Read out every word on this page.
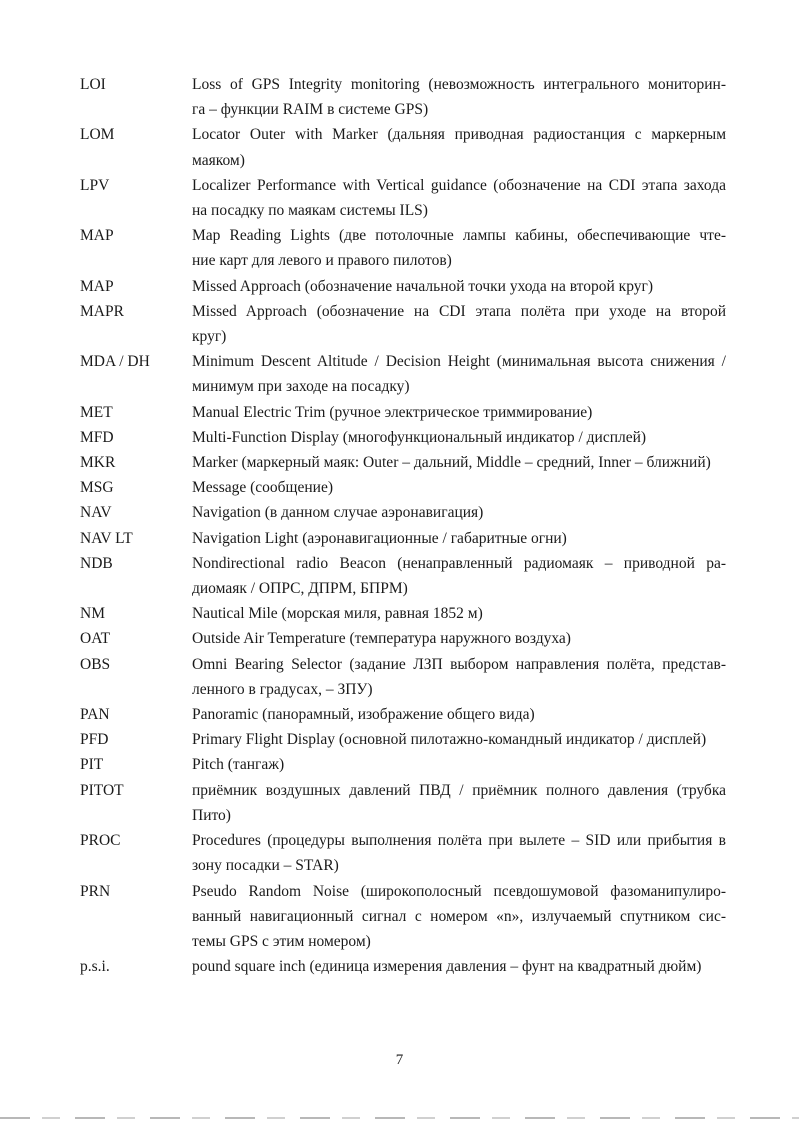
LOI	Loss of GPS Integrity monitoring (невозможность интегрального мониторин-
га – функции RAIM в системе GPS)
LOM	Locator Outer with Marker (дальняя приводная радиостанция с маркерным
маяком)
LPV	Localizer Performance with Vertical guidance (обозначение на CDI этапа захода
на посадку по маякам системы ILS)
MAP	Map Reading Lights (две потолочные лампы кабины, обеспечивающие чте-
ние карт для левого и правого пилотов)
MAP	Missed Approach (обозначение начальной точки ухода на второй круг)
MAPR	Missed Approach (обозначение на CDI этапа полёта при уходе на второй
круг)
MDA / DH	Minimum Descent Altitude / Decision Height (минимальная высота снижения /
минимум при заходе на посадку)
MET	Manual Electric Trim (ручное электрическое триммирование)
MFD	Multi-Function Display (многофункциональный индикатор / дисплей)
MKR	Marker (маркерный маяк: Outer – дальний, Middle – средний, Inner – ближний)
MSG	Message (сообщение)
NAV	Navigation (в данном случае аэронавигация)
NAV LT	Navigation Light (аэронавигационные / габаритные огни)
NDB	Nondirectional radio Beacon (ненаправленный радиомаяк – приводной ра-
диомаяк / ОПРС, ДПРМ, БПРМ)
NM	Nautical Mile (морская миля, равная 1852 м)
OAT	Outside Air Temperature (температура наружного воздуха)
OBS	Omni Bearing Selector (задание ЛЗП выбором направления полёта, представ-
ленного в градусах, – ЗПУ)
PAN	Panoramic (панорамный, изображение общего вида)
PFD	Primary Flight Display (основной пилотажно-командный индикатор / дисплей)
PIT	Pitch (тангаж)
PITOT	приёмник воздушных давлений ПВД / приёмник полного давления (трубка
Пито)
PROC	Procedures (процедуры выполнения полёта при вылете – SID или прибытия в
зону посадки – STAR)
PRN	Pseudo Random Noise (широкополосный псевдошумовой фазоманипулиро-
ванный навигационный сигнал с номером «n», излучаемый спутником сис-
темы GPS с этим номером)
p.s.i.	pound square inch (единица измерения давления – фунт на квадратный дюйм)
7
